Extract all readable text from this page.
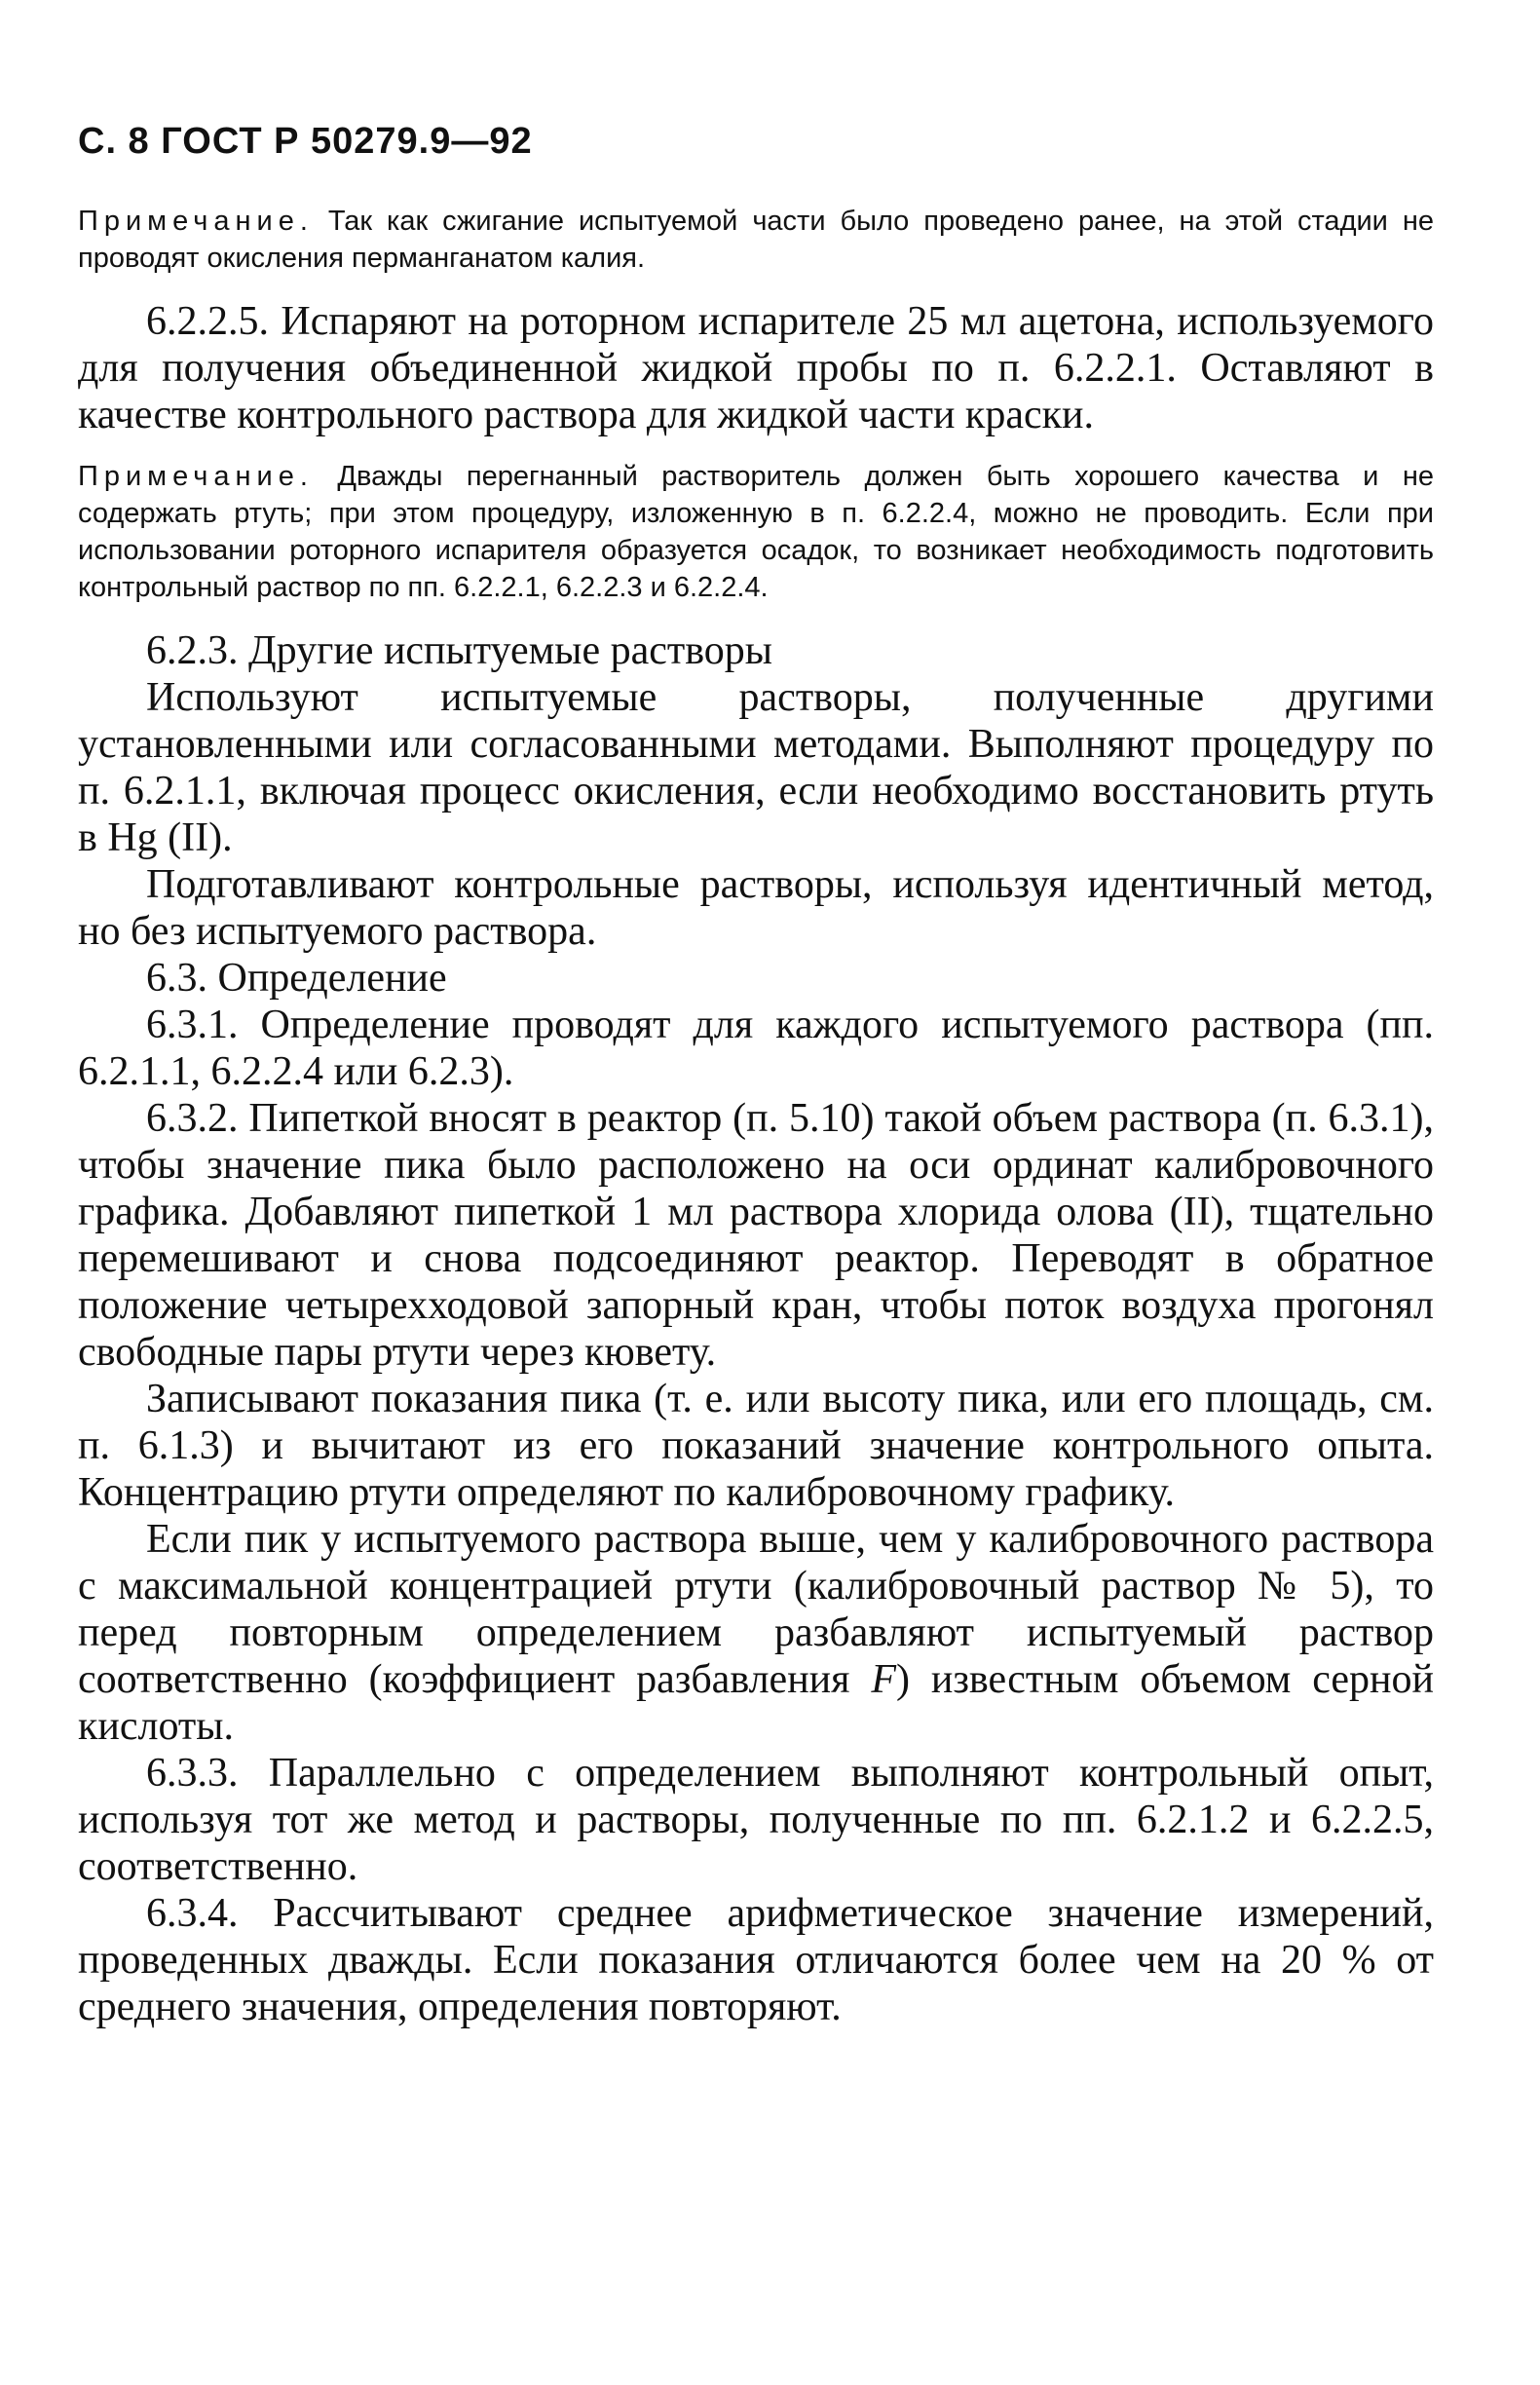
С. 8 ГОСТ Р 50279.9—92

Примечание. Так как сжигание испытуемой части было проведено ранее, на этой стадии не проводят окисления перманганатом калия.

6.2.2.5. Испаряют на роторном испарителе 25 мл ацетона, используемого для получения объединенной жидкой пробы по п. 6.2.2.1. Оставляют в качестве контрольного раствора для жидкой части краски.

Примечание. Дважды перегнанный растворитель должен быть хорошего качества и не содержать ртуть; при этом процедуру, изложенную в п. 6.2.2.4, можно не проводить. Если при использовании роторного испарителя образуется осадок, то возникает необходимость подготовить контрольный раствор по пп. 6.2.2.1, 6.2.2.3 и 6.2.2.4.

6.2.3. Другие испытуемые растворы

Используют испытуемые растворы, полученные другими установленными или согласованными методами. Выполняют процедуру по п. 6.2.1.1, включая процесс окисления, если необходимо восстановить ртуть в Hg (II).

Подготавливают контрольные растворы, используя идентичный метод, но без испытуемого раствора.

6.3. Определение

6.3.1. Определение проводят для каждого испытуемого раствора (пп. 6.2.1.1, 6.2.2.4 или 6.2.3).

6.3.2. Пипеткой вносят в реактор (п. 5.10) такой объем раствора (п. 6.3.1), чтобы значение пика было расположено на оси ординат калибровочного графика. Добавляют пипеткой 1 мл раствора хлорида олова (II), тщательно перемешивают и снова подсоединяют реактор. Переводят в обратное положение четырехходовой запорный кран, чтобы поток воздуха прогонял свободные пары ртути через кювету.

Записывают показания пика (т. е. или высоту пика, или его площадь, см. п. 6.1.3) и вычитают из его показаний значение контрольного опыта. Концентрацию ртути определяют по калибровочному графику.

Если пик у испытуемого раствора выше, чем у калибровочного раствора с максимальной концентрацией ртути (калибровочный раствор № 5), то перед повторным определением разбавляют испытуемый раствор соответственно (коэффициент разбавления F) известным объемом серной кислоты.

6.3.3. Параллельно с определением выполняют контрольный опыт, используя тот же метод и растворы, полученные по пп. 6.2.1.2 и 6.2.2.5, соответственно.

6.3.4. Рассчитывают среднее арифметическое значение измерений, проведенных дважды. Если показания отличаются более чем на 20 % от среднего значения, определения повторяют.
